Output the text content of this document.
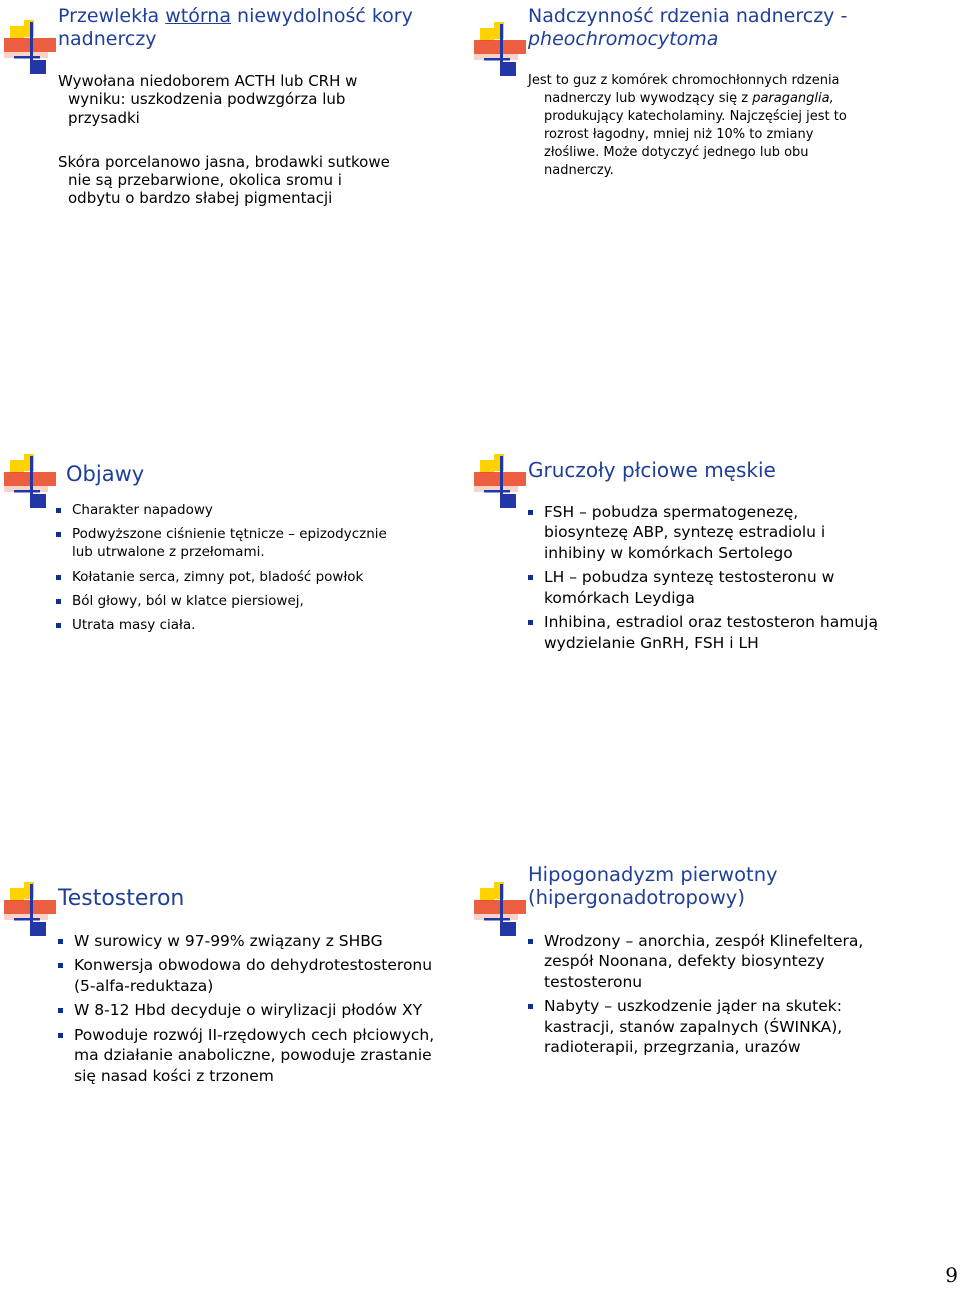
Przewlekła wtórna niewydolność kory nadnerczy

Wywołana niedoborem ACTH lub CRH w wyniku: uszkodzenia podwzgórza lub przysadki

Skóra porcelanowo jasna, brodawki sutkowe nie są przebarwione, okolica sromu i odbytu o bardzo słabej pigmentacji

Nadczynność rdzenia nadnerczy -
pheochromocytoma

Jest to guz z komórek chromochłonnych rdzenia nadnerczy lub wywodzący się z paraganglia, produkujący katecholaminy. Najczęściej jest to rozrost łagodny, mniej niż 10% to zmiany złośliwe. Może dotyczyć jednego lub obu nadnerczy.

Objawy
Charakter napadowy
Podwyższone ciśnienie tętnicze – epizodycznie lub utrwalone z przełomami.
Kołatanie serca, zimny pot, bladość powłok
Ból głowy, ból w klatce piersiowej,
Utrata masy ciała.
Gruczoły płciowe męskie
FSH – pobudza spermatogenezę, biosyntezę ABP, syntezę estradiolu i inhibiny w komórkach Sertolego
LH – pobudza syntezę testosteronu w komórkach Leydiga
Inhibina, estradiol oraz testosteron hamują wydzielanie GnRH, FSH i LH
Testosteron
W surowicy w 97-99% związany z SHBG
Konwersja obwodowa do dehydrotestosteronu (5-alfa-reduktaza)
W 8-12 Hbd decyduje o wirylizacji płodów XY
Powoduje rozwój II-rzędowych cech płciowych, ma działanie anaboliczne, powoduje zrastanie się nasad kości z trzonem
Hipogonadyzm pierwotny
(hipergonadotropowy)
Wrodzony – anorchia, zespół Klinefeltera, zespół Noonana, defekty biosyntezy testosteronu
Nabyty – uszkodzenie jąder na skutek: kastracji, stanów zapalnych (ŚWINKA), radioterapii, przegrzania, urazów
9
